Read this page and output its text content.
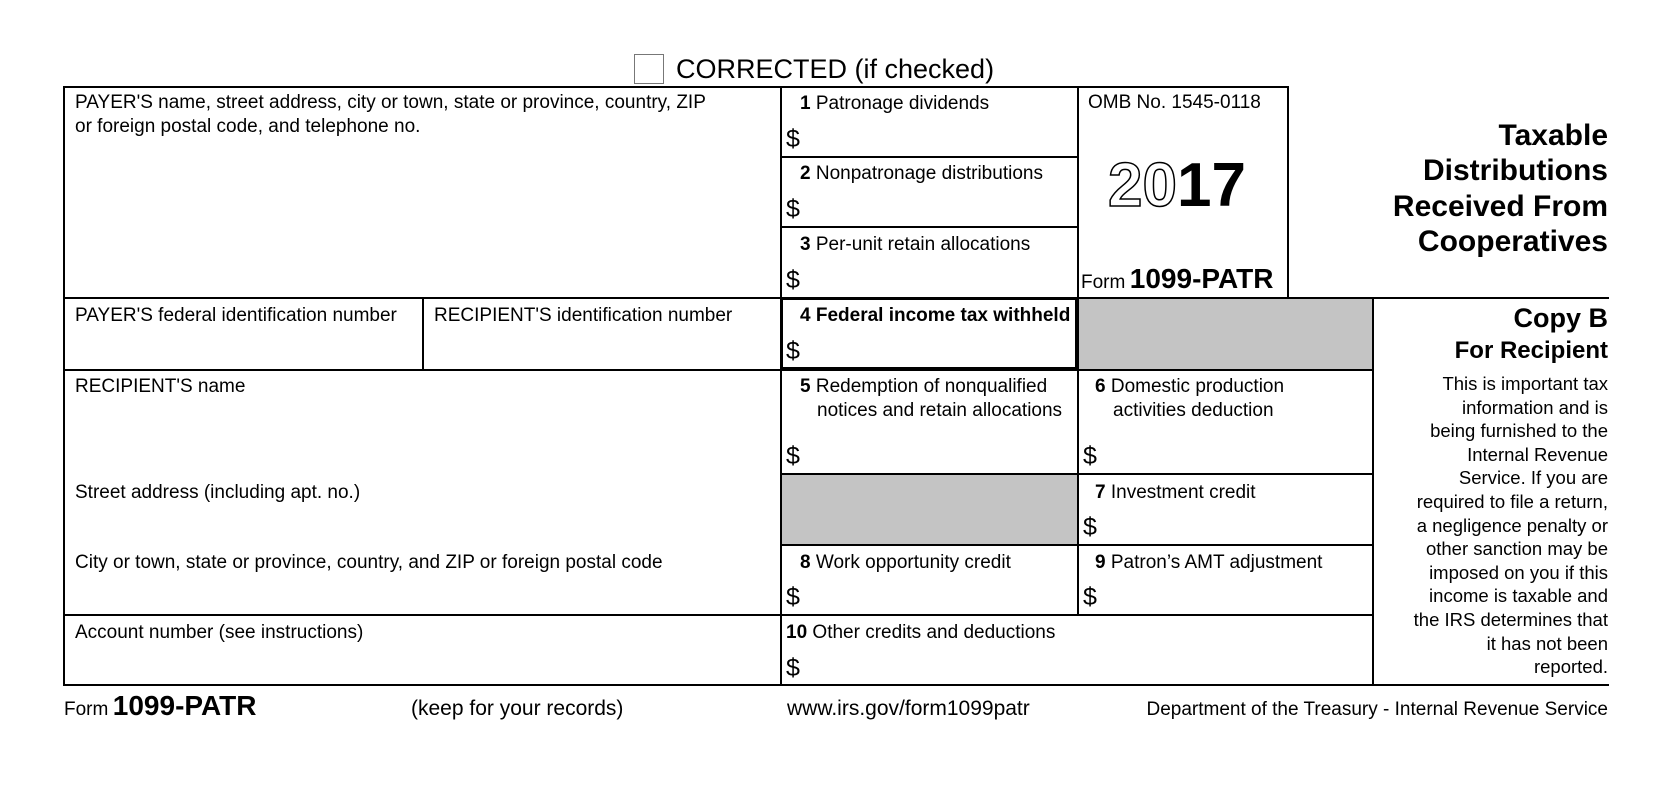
CORRECTED (if checked)
PAYER'S name, street address, city or town, state or province, country, ZIP
or foreign postal code, and telephone no.
1 Patronage dividends
$
2 Nonpatronage distributions
$
3 Per-unit retain allocations
$
OMB No. 1545-0118
2017
Form 1099-PATR
Taxable
Distributions
Received From
Cooperatives
PAYER'S federal identification number RECIPIENT'S identification number	4 Federal income tax withheld
$
Copy B
For Recipient
This is important tax
information and is
being furnished to the
Internal Revenue
Service. If you are
required to file a return,
a negligence penalty or
other sanction may be
imposed on you if this
income is taxable and
the IRS determines that
it has not been
reported.
RECIPIENT'S name
Street address (including apt. no.)
City or town, state or province, country, and ZIP or foreign postal code
Account number (see instructions)
5 Redemption of nonqualified
notices and retain allocations
$
6 Domestic production
activities deduction
$
7 Investment credit
$
8 Work opportunity credit
$
9 Patron’s AMT adjustment
$
10 Other credits and deductions
$
Form 1099-PATR	(keep for your records)	www.irs.gov/form1099patr	Department of the Treasury - Internal Revenue Service
